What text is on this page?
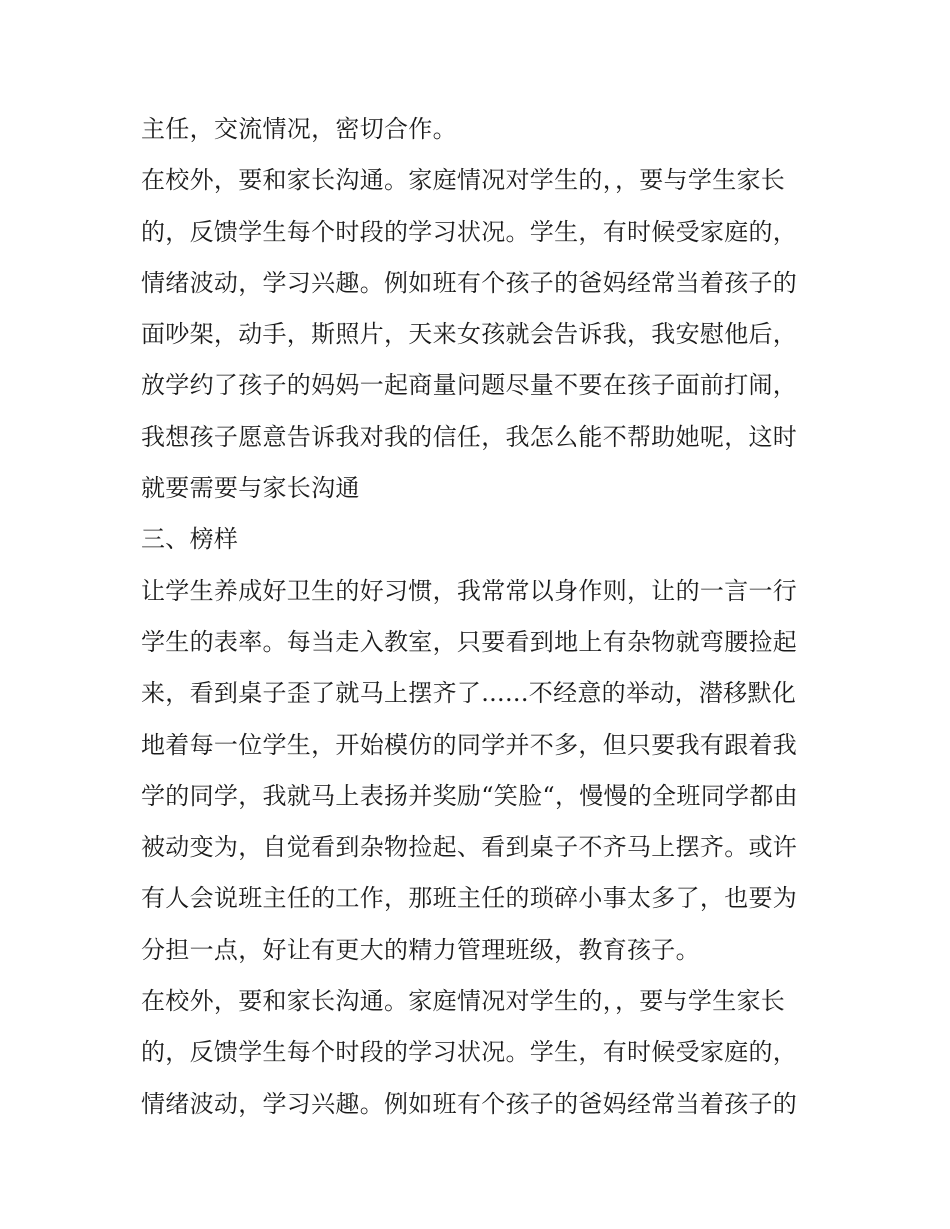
主任，交流情况，密切合作。
在校外，要和家长沟通。家庭情况对学生的，，要与学生家长
的，反馈学生每个时段的学习状况。学生，有时候受家庭的，
情绪波动，学习兴趣。例如班有个孩子的爸妈经常当着孩子的
面吵架，动手，斯照片，天来女孩就会告诉我，我安慰他后，
放学约了孩子的妈妈一起商量问题尽量不要在孩子面前打闹，
我想孩子愿意告诉我对我的信任，我怎么能不帮助她呢，这时
就要需要与家长沟通
三、榜样
让学生养成好卫生的好习惯，我常常以身作则，让的一言一行
学生的表率。每当走入教室，只要看到地上有杂物就弯腰捡起
来，看到桌子歪了就马上摆齐了......不经意的举动，潜移默化
地着每一位学生，开始模仿的同学并不多，但只要我有跟着我
学的同学，我就马上表扬并奖励“笑脸“，慢慢的全班同学都由
被动变为，自觉看到杂物捡起、看到桌子不齐马上摆齐。或许
有人会说班主任的工作，那班主任的琐碎小事太多了，也要为
分担一点，好让有更大的精力管理班级，教育孩子。
在校外，要和家长沟通。家庭情况对学生的，，要与学生家长
的，反馈学生每个时段的学习状况。学生，有时候受家庭的，
情绪波动，学习兴趣。例如班有个孩子的爸妈经常当着孩子的
